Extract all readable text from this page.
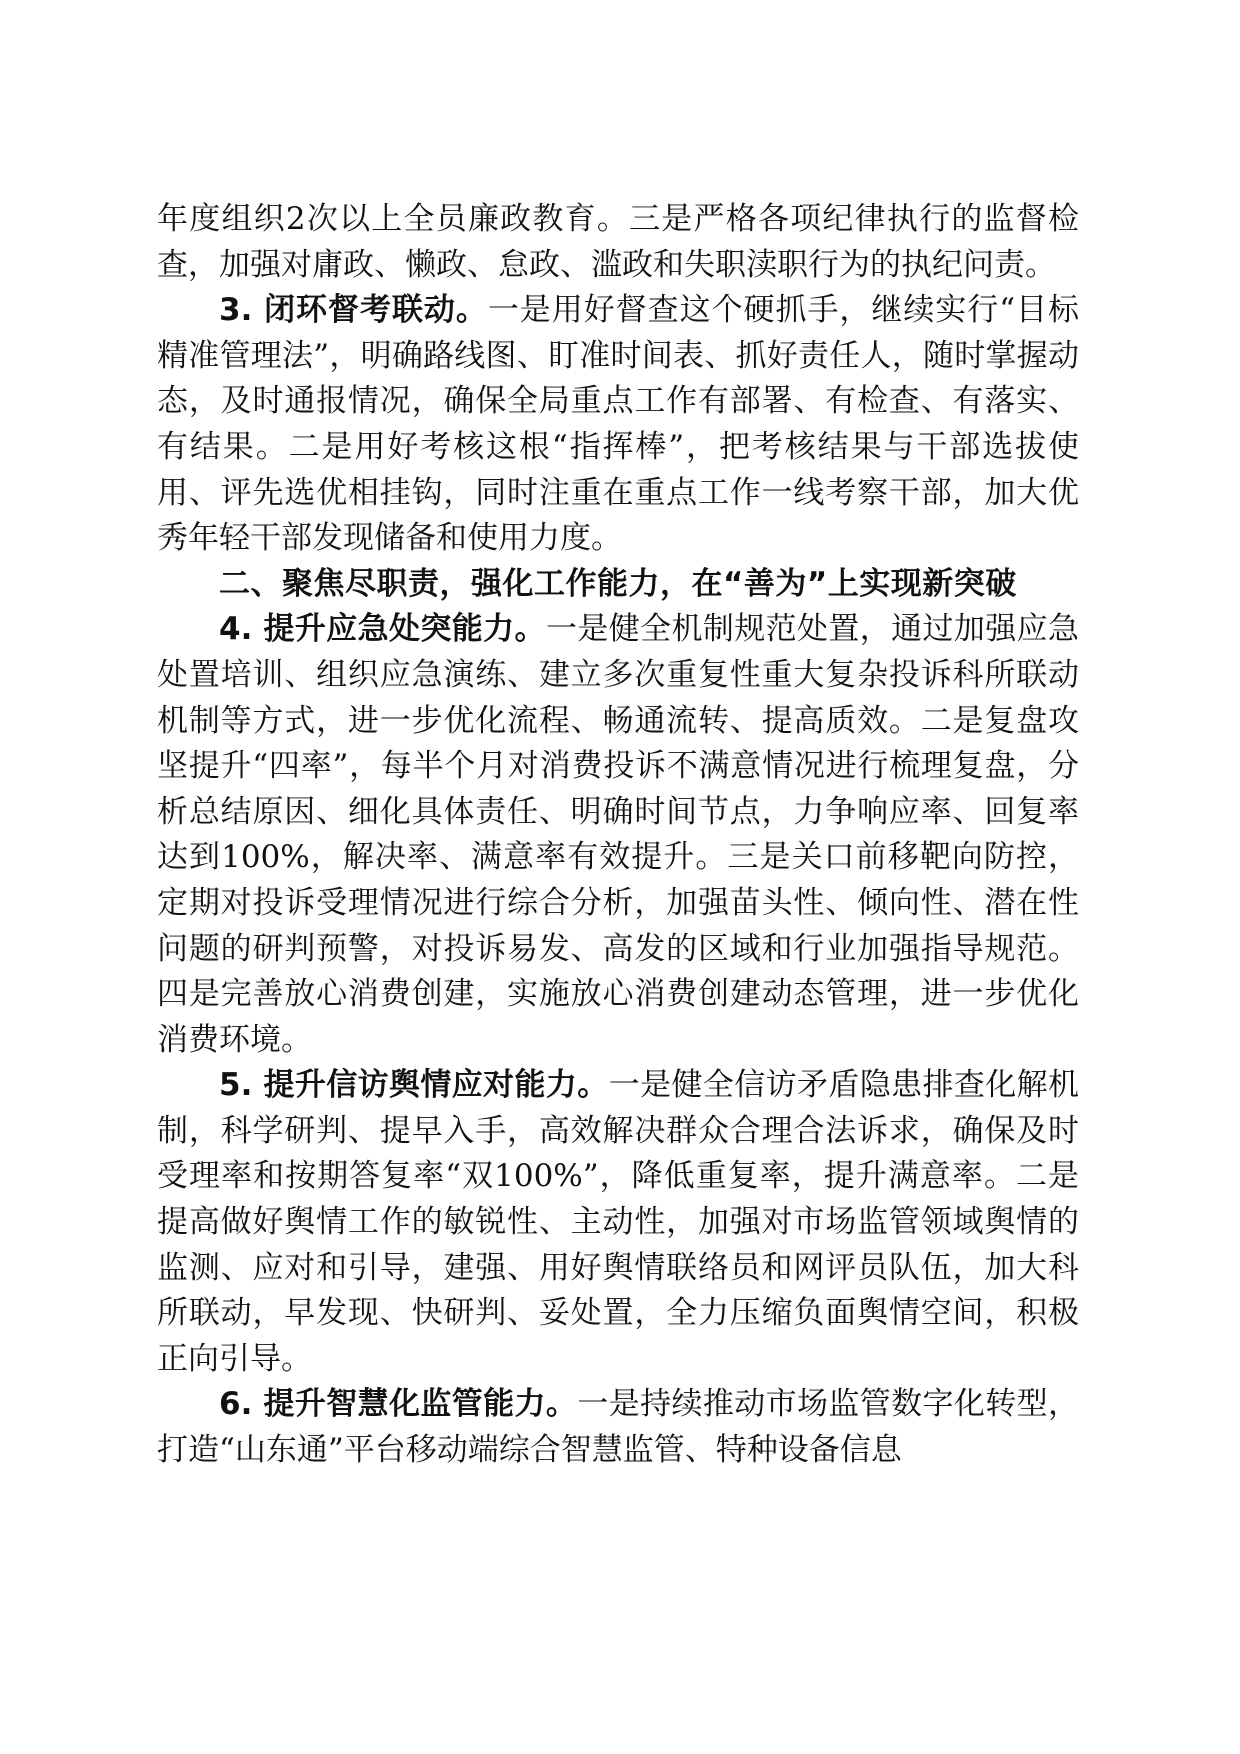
年度组织2次以上全员廉政教育。三是严格各项纪律执行的监督检查，加强对庸政、懒政、怠政、滥政和失职渎职行为的执纪问责。

3. 闭环督考联动。一是用好督查这个硬抓手，继续实行“目标精准管理法”，明确路线图、盯准时间表、抓好责任人，随时掌握动态，及时通报情况，确保全局重点工作有部署、有检查、有落实、有结果。二是用好考核这根“指挥棒”，把考核结果与干部选拔使用、评先选优相挂钩，同时注重在重点工作一线考察干部，加大优秀年轻干部发现储备和使用力度。

二、聚焦尽职责，强化工作能力，在“善为”上实现新突破

4. 提升应急处突能力。一是健全机制规范处置，通过加强应急处置培训、组织应急演练、建立多次重复性重大复杂投诉科所联动机制等方式，进一步优化流程、畅通流转、提高质效。二是复盘攻坚提升“四率”，每半个月对消费投诉不满意情况进行梳理复盘，分析总结原因、细化具体责任、明确时间节点，力争响应率、回复率达到100%，解决率、满意率有效提升。三是关口前移靶向防控，定期对投诉受理情况进行综合分析，加强苗头性、倾向性、潜在性问题的研判预警，对投诉易发、高发的区域和行业加强指导规范。四是完善放心消费创建，实施放心消费创建动态管理，进一步优化消费环境。

5. 提升信访舆情应对能力。一是健全信访矛盾隐患排查化解机制，科学研判、提早入手，高效解决群众合理合法诉求，确保及时受理率和按期答复率“双100%”，降低重复率，提升满意率。二是提高做好舆情工作的敏锐性、主动性，加强对市场监管领域舆情的监测、应对和引导，建强、用好舆情联络员和网评员队伍，加大科所联动，早发现、快研判、妥处置，全力压缩负面舆情空间，积极正向引导。

6. 提升智慧化监管能力。一是持续推动市场监管数字化转型，打造“山东通”平台移动端综合智慧监管、特种设备信息
